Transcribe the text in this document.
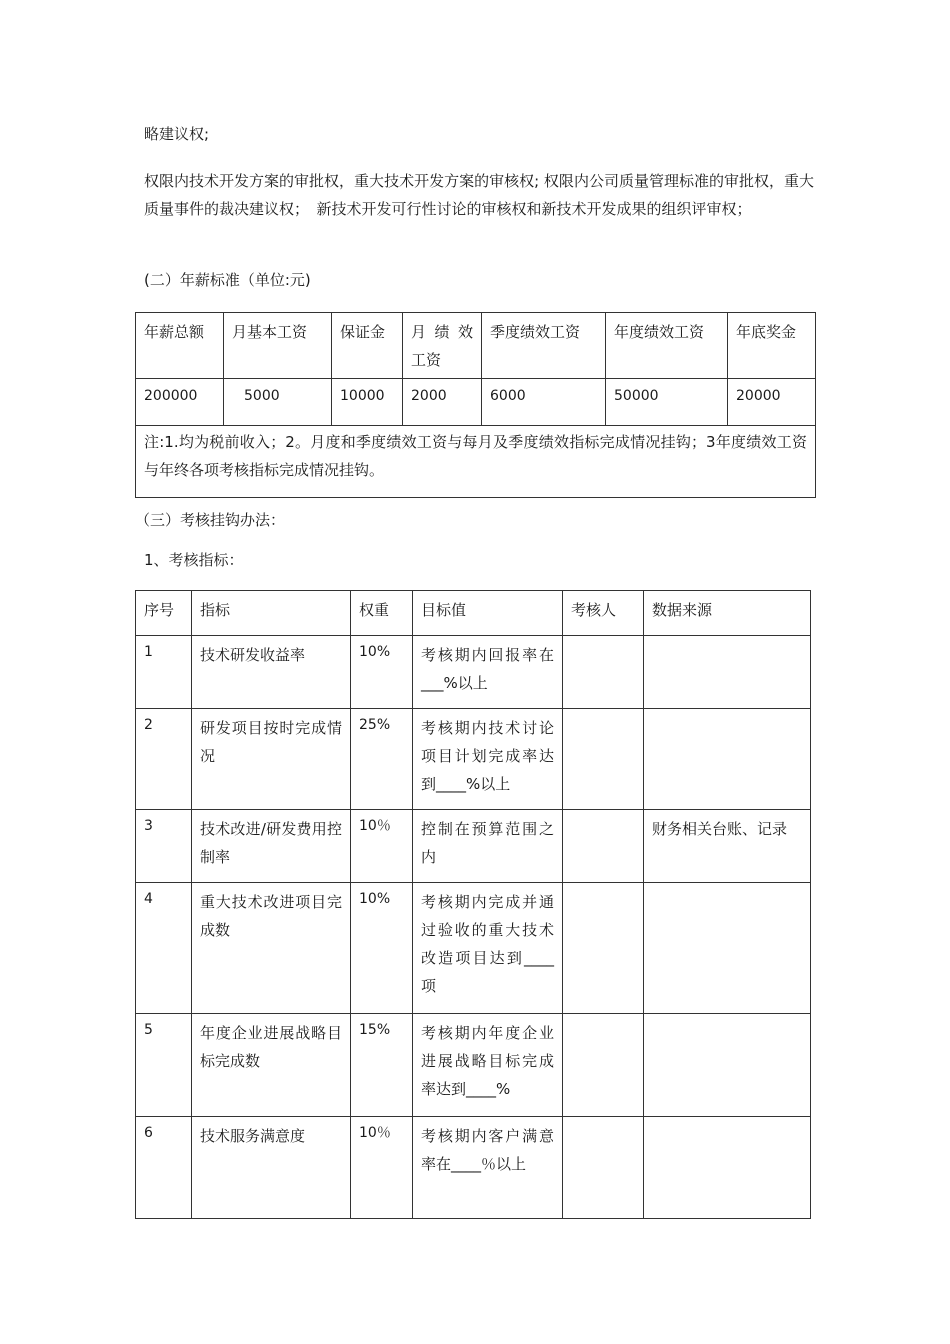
略建议权;

权限内技术开发方案的审批权，重大技术开发方案的审核权; 权限内公司质量管理标准的审批权，重大质量事件的裁决建议权；　新技术开发可行性讨论的审核权和新技术开发成果的组织评审权；

(二）年薪标准（单位:元)

年薪总额	月基本工资	保证金	月 绩 效工资	季度绩效工资	年度绩效工资	年底奖金
200000	5000	10000	2000	6000	50000	20000
注:1.均为税前收入；2。月度和季度绩效工资与每月及季度绩效指标完成情况挂钩；3年度绩效工资与年终各项考核指标完成情况挂钩。						

（三）考核挂钩办法：

1、考核指标：

序号	指标	权重	目标值	考核人	数据来源
1	技术研发收益率	10%	考核期内回报率在___%以上		
2	研发项目按时完成情况	25%	考核期内技术讨论项目计划完成率达到____%以上		
3	技术改进/研发费用控制率	10％	控制在预算范围之内		财务相关台账、记录
4	重大技术改进项目完成数	10%	考核期内完成并通过验收的重大技术改造项目达到____项		
5	年度企业进展战略目标完成数	15%	考核期内年度企业进展战略目标完成率达到____%		
6	技术服务满意度	10％	考核期内客户满意率在____％以上		
